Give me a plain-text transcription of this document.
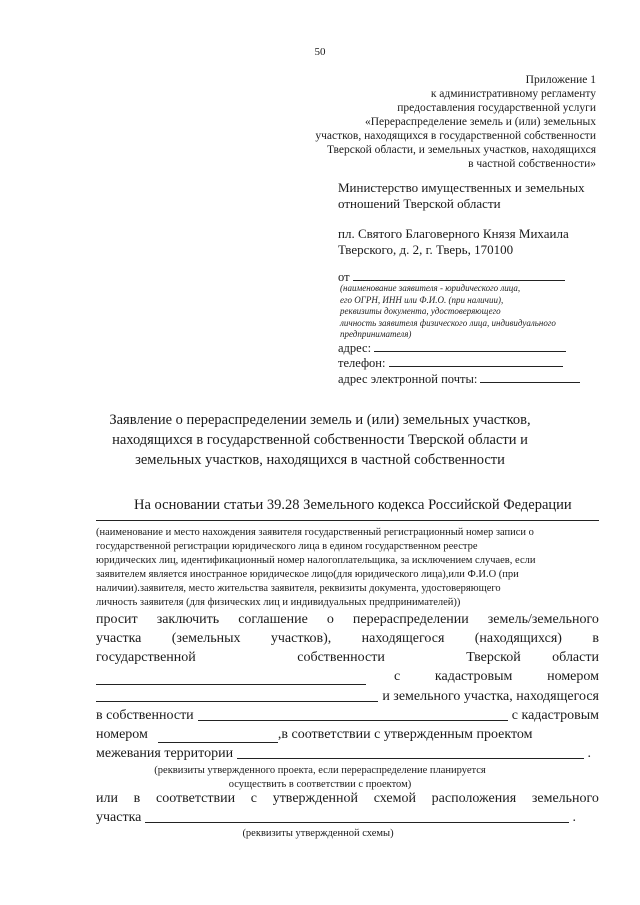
50
Приложение 1
к административному регламенту
предоставления государственной услуги
«Перераспределение земель и (или) земельных
участков, находящихся в государственной собственности
Тверской области, и земельных участков, находящихся
в частной собственности»
Министерство имущественных и земельных
отношений Тверской области
пл. Святого Благоверного Князя Михаила
Тверского, д. 2, г. Тверь, 170100
от
(наименование заявителя - юридического лица,
его ОГРН, ИНН или Ф.И.О. (при наличии),
реквизиты документа, удостоверяющего
личность заявителя физического лица, индивидуального
предпринимателя)
адрес:
телефон:
адрес электронной почты:
Заявление о перераспределении земель и (или) земельных участков,
находящихся в государственной собственности Тверской области и
земельных участков, находящихся в частной собственности
На основании статьи 39.28 Земельного кодекса Российской Федерации
(наименование и место нахождения заявителя государственный регистрационный номер записи о
государственной регистрации юридического лица в едином государственном реестре
юридических лиц, идентификационный номер налогоплательщика, за исключением случаев, если
заявителем является иностранное юридическое лицо(для юридического лица),или Ф.И.О (при
наличии).заявителя, место жительства заявителя, реквизиты документа, удостоверяющего
личность заявителя (для физических лиц и индивидуальных предпринимателей))
просит заключить соглашение о перераспределении земель/земельного
участка (земельных участков), находящегося (находящихся) в
государственной	собственности	Тверской области
с кадастровым номером
и земельного участка, находящегося
в собственности	с кадастровым
номером	,в соответствии с утвержденным проектом
межевания территории	.
(реквизиты утвержденного проекта, если перераспределение планируется
осуществить в соответствии с проектом)
или в соответствии с утвержденной схемой расположения земельного
участка	.
(реквизиты утвержденной схемы)
